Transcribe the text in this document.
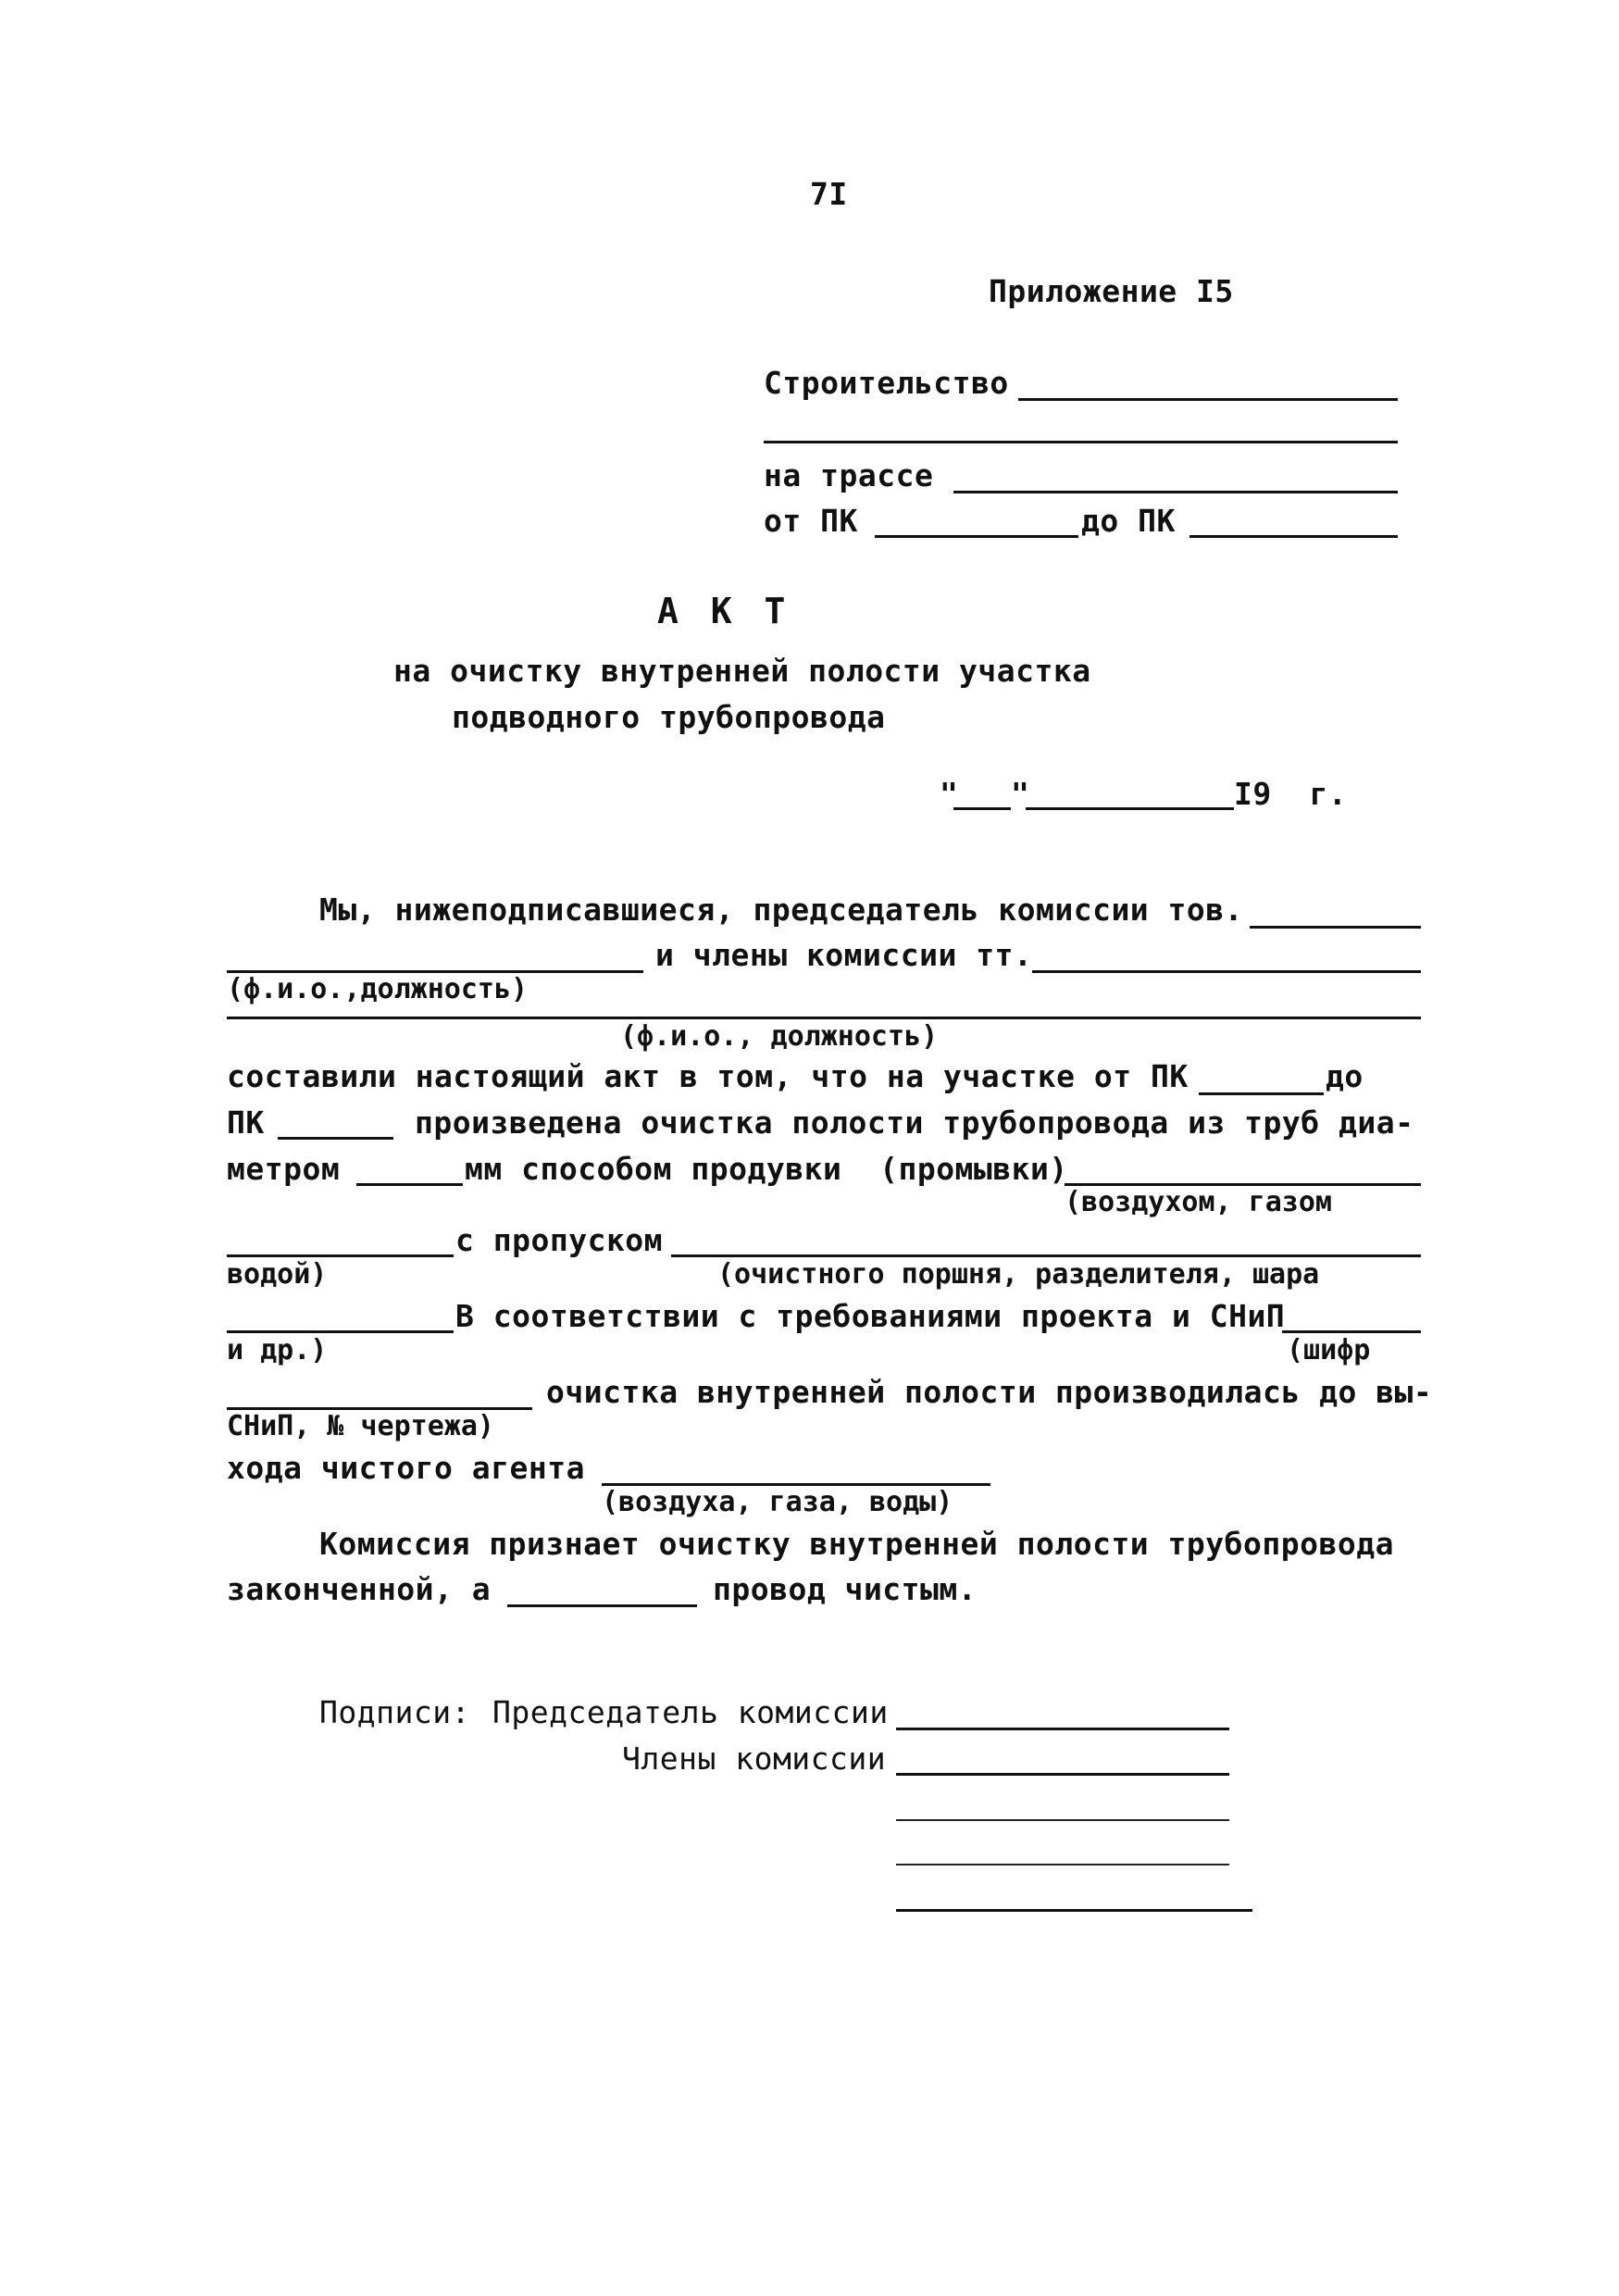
7I
Приложение I5
Строительство
на трассе
от ПК	до ПК
А К Т
на очистку внутренней полости участка
подводного трубопровода
" "	I9  г.
Мы, нижеподписавшиеся, председатель комиссии тов.
и члены комиссии тт.
(ф.и.о.,должность)
(ф.и.о., должность)
составили настоящий акт в том, что на участке от ПК	до
ПК	произведена очистка полости трубопровода из труб диа-
метром	мм способом продувки  (промывки)
(воздухом, газом
с пропуском
водой)	(очистного поршня, разделителя, шара
В соответствии с требованиями проекта и СНиП
и др.)	(шифр
очистка внутренней полости производилась до вы-
СНиП, № чертежа)
хода чистого агента
(воздуха, газа, воды)
Комиссия признает очистку внутренней полости трубопровода
законченной, а	провод чистым.
Подписи: Председатель комиссии
Члены комиссии
